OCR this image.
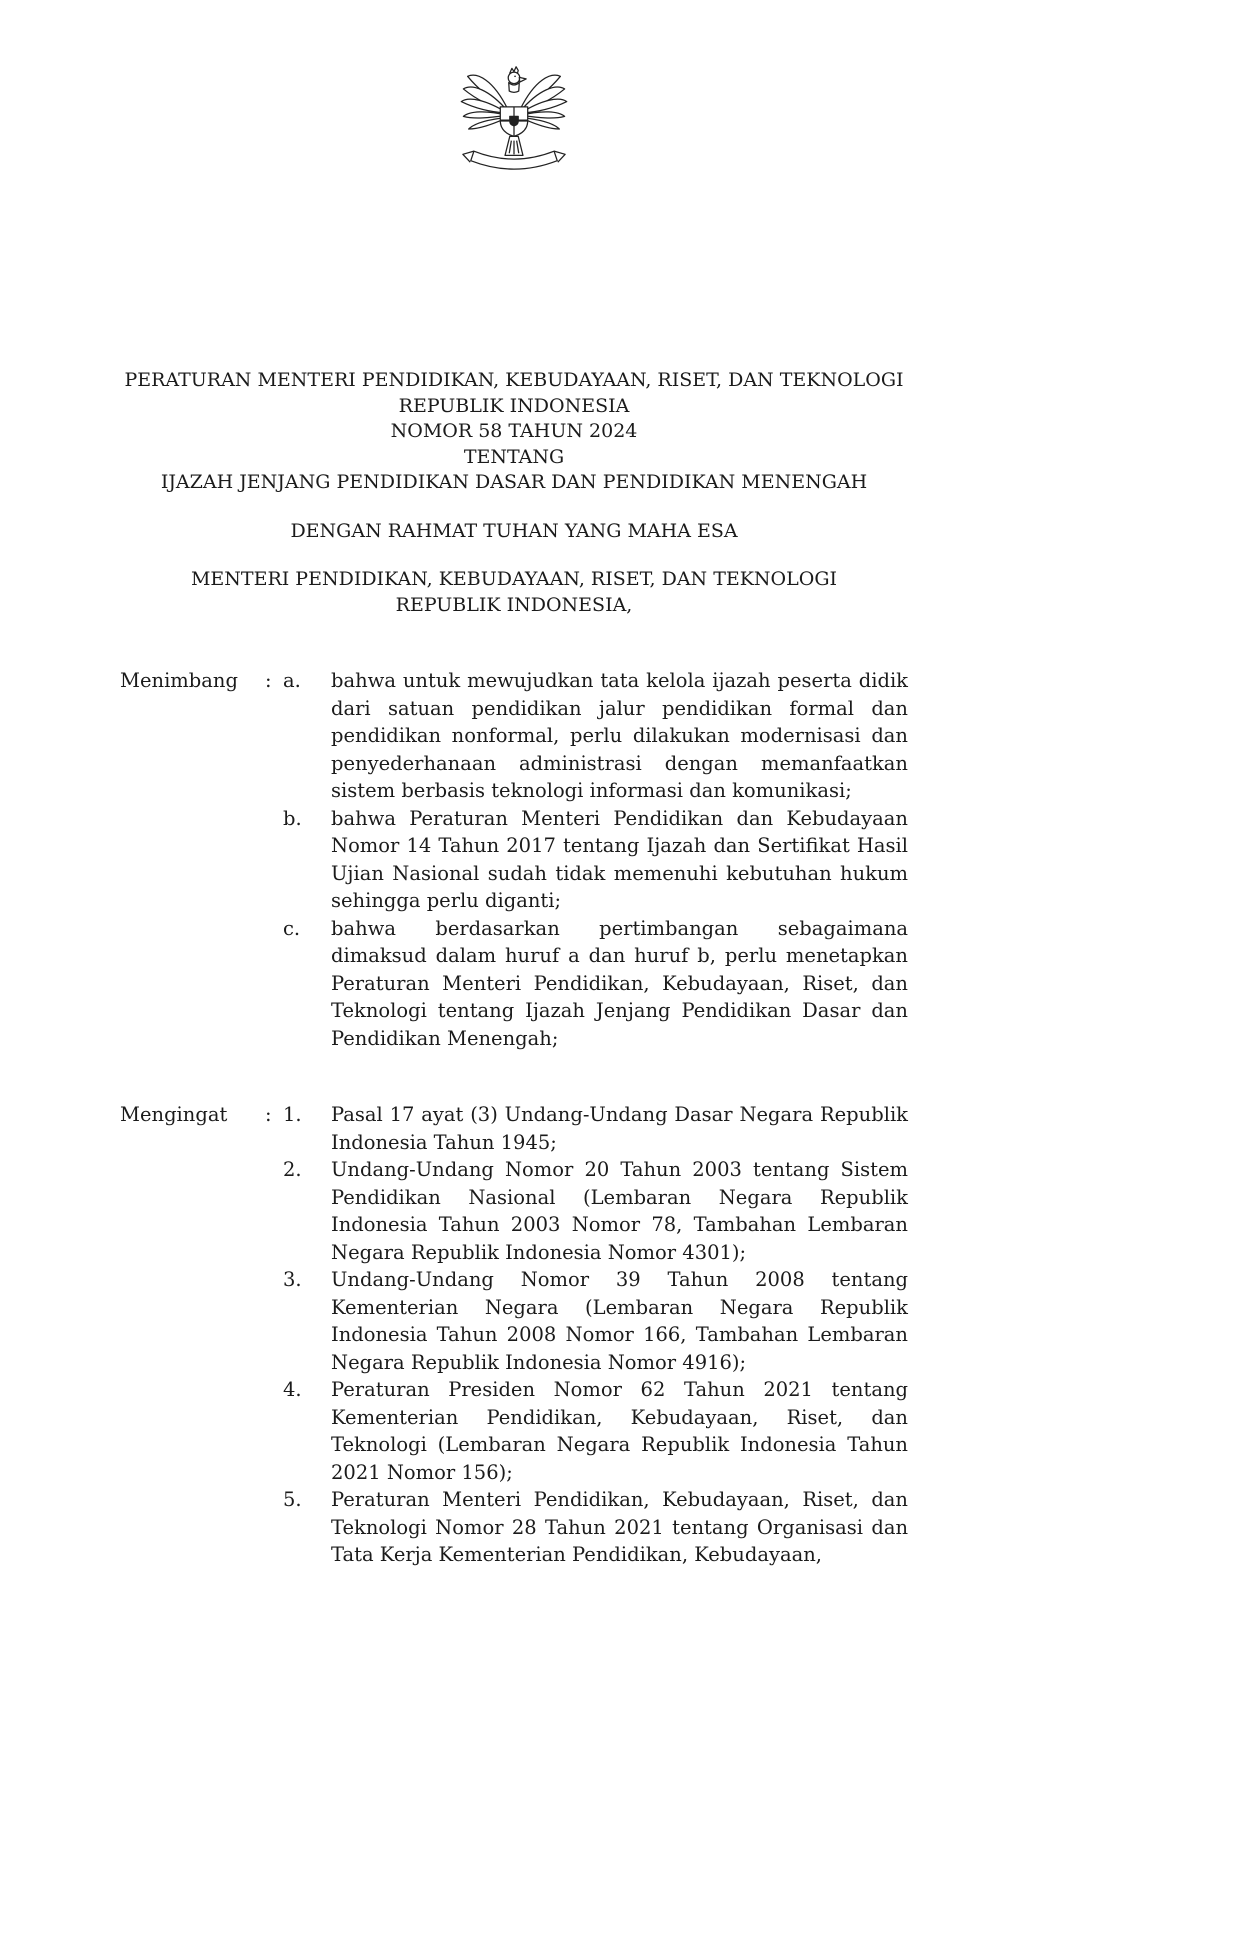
PERATURAN MENTERI PENDIDIKAN, KEBUDAYAAN, RISET, DAN TEKNOLOGI
REPUBLIK INDONESIA
NOMOR 58 TAHUN 2024
TENTANG
IJAZAH JENJANG PENDIDIKAN DASAR DAN PENDIDIKAN MENENGAH
DENGAN RAHMAT TUHAN YANG MAHA ESA
MENTERI PENDIDIKAN, KEBUDAYAAN, RISET, DAN TEKNOLOGI
REPUBLIK INDONESIA,
Menimbang	: a.	bahwa untuk mewujudkan tata kelola ijazah peserta didik dari satuan pendidikan jalur pendidikan formal dan pendidikan nonformal, perlu dilakukan modernisasi dan penyederhanaan administrasi dengan memanfaatkan sistem berbasis teknologi informasi dan komunikasi;
b.	bahwa Peraturan Menteri Pendidikan dan Kebudayaan Nomor 14 Tahun 2017 tentang Ijazah dan Sertifikat Hasil Ujian Nasional sudah tidak memenuhi kebutuhan hukum sehingga perlu diganti;
c.	bahwa berdasarkan pertimbangan sebagaimana dimaksud dalam huruf a dan huruf b, perlu menetapkan Peraturan Menteri Pendidikan, Kebudayaan, Riset, dan Teknologi tentang Ijazah Jenjang Pendidikan Dasar dan Pendidikan Menengah;
Mengingat	: 1.	Pasal 17 ayat (3) Undang-Undang Dasar Negara Republik Indonesia Tahun 1945;
2.	Undang-Undang Nomor 20 Tahun 2003 tentang Sistem Pendidikan Nasional (Lembaran Negara Republik Indonesia Tahun 2003 Nomor 78, Tambahan Lembaran Negara Republik Indonesia Nomor 4301);
3.	Undang-Undang Nomor 39 Tahun 2008 tentang Kementerian Negara (Lembaran Negara Republik Indonesia Tahun 2008 Nomor 166, Tambahan Lembaran Negara Republik Indonesia Nomor 4916);
4.	Peraturan Presiden Nomor 62 Tahun 2021 tentang Kementerian Pendidikan, Kebudayaan, Riset, dan Teknologi (Lembaran Negara Republik Indonesia Tahun 2021 Nomor 156);
5.	Peraturan Menteri Pendidikan, Kebudayaan, Riset, dan Teknologi Nomor 28 Tahun 2021 tentang Organisasi dan Tata Kerja Kementerian Pendidikan, Kebudayaan,
